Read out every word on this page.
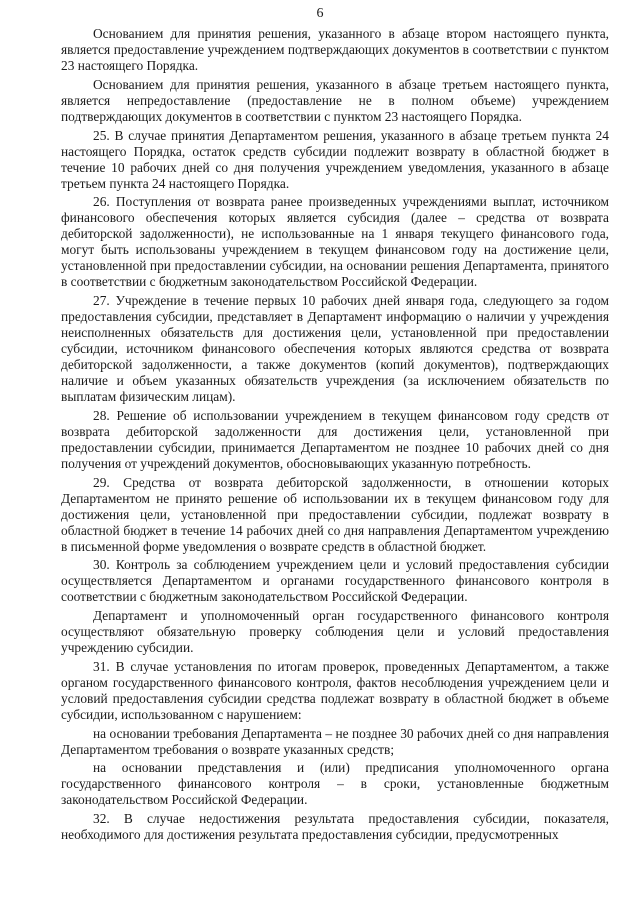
6

Основанием для принятия решения, указанного в абзаце втором настоящего пункта, является предоставление учреждением подтверждающих документов в соответствии с пунктом 23 настоящего Порядка.

Основанием для принятия решения, указанного в абзаце третьем настоящего пункта, является непредоставление (предоставление не в полном объеме) учреждением подтверждающих документов в соответствии с пунктом 23 настоящего Порядка.

25. В случае принятия Департаментом решения, указанного в абзаце третьем пункта 24 настоящего Порядка, остаток средств субсидии подлежит возврату в областной бюджет в течение 10 рабочих дней со дня получения учреждением уведомления, указанного в абзаце третьем пункта 24 настоящего Порядка.

26. Поступления от возврата ранее произведенных учреждениями выплат, источником финансового обеспечения которых является субсидия (далее – средства от возврата дебиторской задолженности), не использованные на 1 января текущего финансового года, могут быть использованы учреждением в текущем финансовом году на достижение цели, установленной при предоставлении субсидии, на основании решения Департамента, принятого в соответствии с бюджетным законодательством Российской Федерации.

27. Учреждение в течение первых 10 рабочих дней января года, следующего за годом предоставления субсидии, представляет в Департамент информацию о наличии у учреждения неисполненных обязательств для достижения цели, установленной при предоставлении субсидии, источником финансового обеспечения которых являются средства от возврата дебиторской задолженности, а также документов (копий документов), подтверждающих наличие и объем указанных обязательств учреждения (за исключением обязательств по выплатам физическим лицам).

28. Решение об использовании учреждением в текущем финансовом году средств от возврата дебиторской задолженности для достижения цели, установленной при предоставлении субсидии, принимается Департаментом не позднее 10 рабочих дней со дня получения от учреждений документов, обосновывающих указанную потребность.

29. Средства от возврата дебиторской задолженности, в отношении которых Департаментом не принято решение об использовании их в текущем финансовом году для достижения цели, установленной при предоставлении субсидии, подлежат возврату в областной бюджет в течение 14 рабочих дней со дня направления Департаментом учреждению в письменной форме уведомления о возврате средств в областной бюджет.

30. Контроль за соблюдением учреждением цели и условий предоставления субсидии осуществляется Департаментом и органами государственного финансового контроля в соответствии с бюджетным законодательством Российской Федерации.

Департамент и уполномоченный орган государственного финансового контроля осуществляют обязательную проверку соблюдения цели и условий предоставления учреждению субсидии.

31. В случае установления по итогам проверок, проведенных Департаментом, а также органом государственного финансового контроля, фактов несоблюдения учреждением цели и условий предоставления субсидии средства подлежат возврату в областной бюджет в объеме субсидии, использованном с нарушением:

на основании требования Департамента – не позднее 30 рабочих дней со дня направления Департаментом требования о возврате указанных средств;

на основании представления и (или) предписания уполномоченного органа государственного финансового контроля – в сроки, установленные бюджетным законодательством Российской Федерации.

32. В случае недостижения результата предоставления субсидии, показателя, необходимого для достижения результата предоставления субсидии, предусмотренных
